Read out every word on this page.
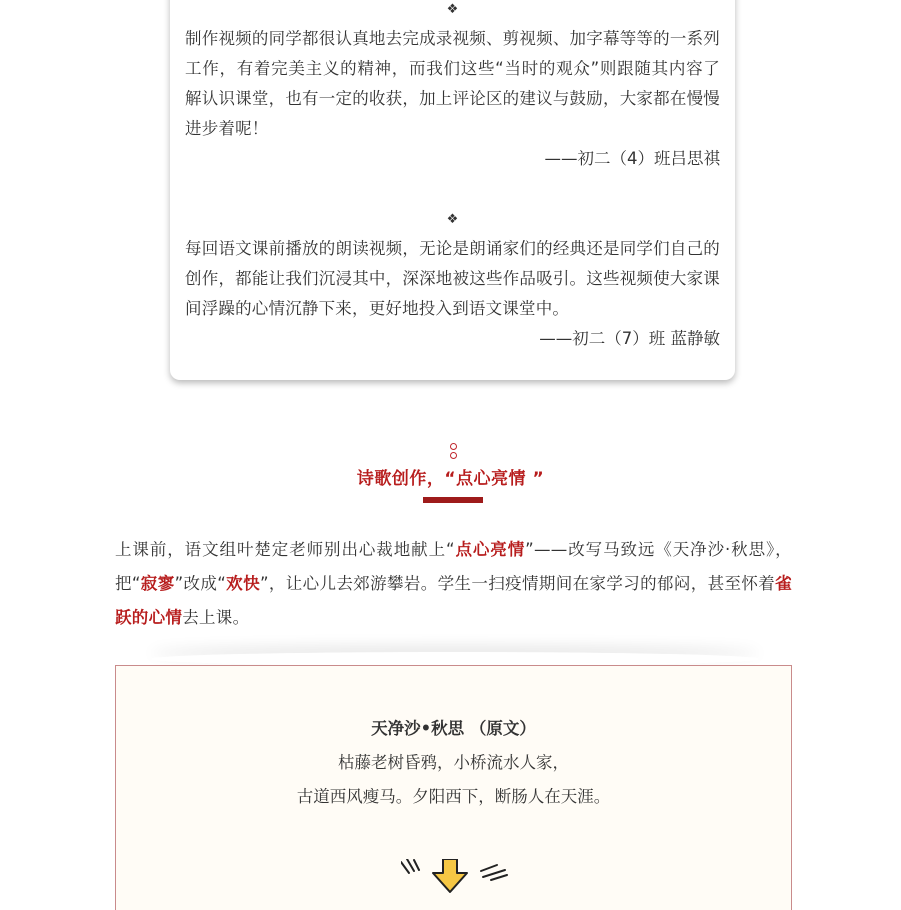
❖
制作视频的同学都很认真地去完成录视频、剪视频、加字幕等等的一系列工作，有着完美主义的精神，而我们这些“当时的观众”则跟随其内容了解认识课堂，也有一定的收获，加上评论区的建议与鼓励，大家都在慢慢进步着呢！
——初二（4）班吕思祺
❖
每回语文课前播放的朗读视频，无论是朗诵家们的经典还是同学们自己的创作，都能让我们沉浸其中，深深地被这些作品吸引。这些视频使大家课间浮躁的心情沉静下来，更好地投入到语文课堂中。
——初二（7）班 蓝静敏
诗歌创作，“点心亮情 ”
上课前，语文组叶楚定老师别出心裁地献上“点心亮情”——改写马致远《天净沙·秋思》，把“寂寥”改成“欢快”，让心儿去郊游攀岩。学生一扫疫情期间在家学习的郁闷，甚至怀着雀跃的心情去上课。
天净沙•秋思 （原文）
枯藤老树昏鸦，小桥流水人家，
古道西风瘦马。夕阳西下，断肠人在天涯。
